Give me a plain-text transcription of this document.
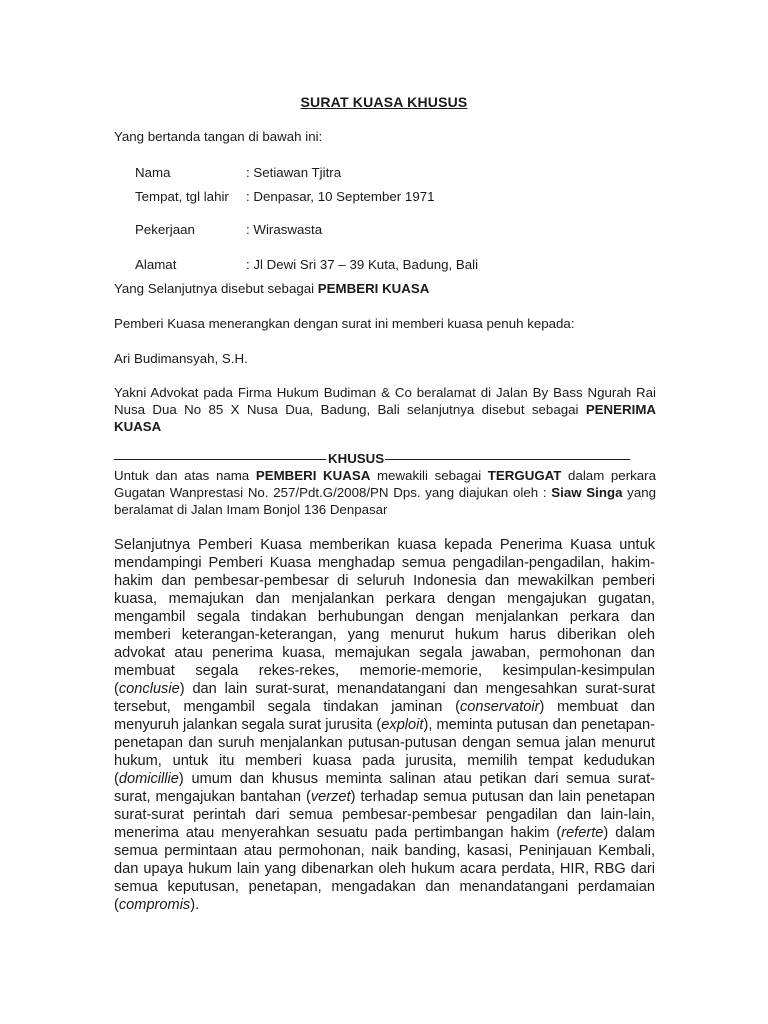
SURAT KUASA KHUSUS
Yang bertanda tangan di bawah ini:
Nama	: Setiawan Tjitra
Tempat, tgl lahir : Denpasar, 10 September 1971
Pekerjaan	: Wiraswasta
Alamat	: Jl Dewi Sri 37 – 39 Kuta, Badung, Bali
Yang Selanjutnya disebut sebagai PEMBERI KUASA
Pemberi Kuasa menerangkan dengan surat ini memberi kuasa penuh kepada:
Ari Budimansyah, S.H.
Yakni Advokat pada Firma Hukum Budiman & Co beralamat di Jalan By Bass Ngurah Rai Nusa Dua No 85 X Nusa Dua, Badung, Bali selanjutnya disebut sebagai PENERIMA KUASA
KHUSUS
Untuk dan atas nama PEMBERI KUASA mewakili sebagai TERGUGAT dalam perkara Gugatan Wanprestasi No. 257/Pdt.G/2008/PN Dps. yang diajukan oleh : Siaw Singa yang beralamat di Jalan Imam Bonjol 136 Denpasar
Selanjutnya Pemberi Kuasa memberikan kuasa kepada Penerima Kuasa untuk mendampingi Pemberi Kuasa menghadap semua pengadilan-pengadilan, hakim-hakim dan pembesar-pembesar di seluruh Indonesia dan mewakilkan pemberi kuasa, memajukan dan menjalankan perkara dengan mengajukan gugatan, mengambil segala tindakan berhubungan dengan menjalankan perkara dan memberi keterangan-keterangan, yang menurut hukum harus diberikan oleh advokat atau penerima kuasa, memajukan segala jawaban, permohonan dan membuat segala rekes-rekes, memorie-memorie, kesimpulan-kesimpulan (conclusie) dan lain surat-surat, menandatangani dan mengesahkan surat-surat tersebut, mengambil segala tindakan jaminan (conservatoir) membuat dan menyuruh jalankan segala surat jurusita (exploit), meminta putusan dan penetapan-penetapan dan suruh menjalankan putusan-putusan dengan semua jalan menurut hukum, untuk itu memberi kuasa pada jurusita, memilih tempat kedudukan (domicillie) umum dan khusus meminta salinan atau petikan dari semua surat-surat, mengajukan bantahan (verzet) terhadap semua putusan dan lain penetapan surat-surat perintah dari semua pembesar-pembesar pengadilan dan lain-lain, menerima atau menyerahkan sesuatu pada pertimbangan hakim (referte) dalam semua permintaan atau permohonan, naik banding, kasasi, Peninjauan Kembali, dan upaya hukum lain yang dibenarkan oleh hukum acara perdata, HIR, RBG dari semua keputusan, penetapan, mengadakan dan menandatangani perdamaian (compromis).
